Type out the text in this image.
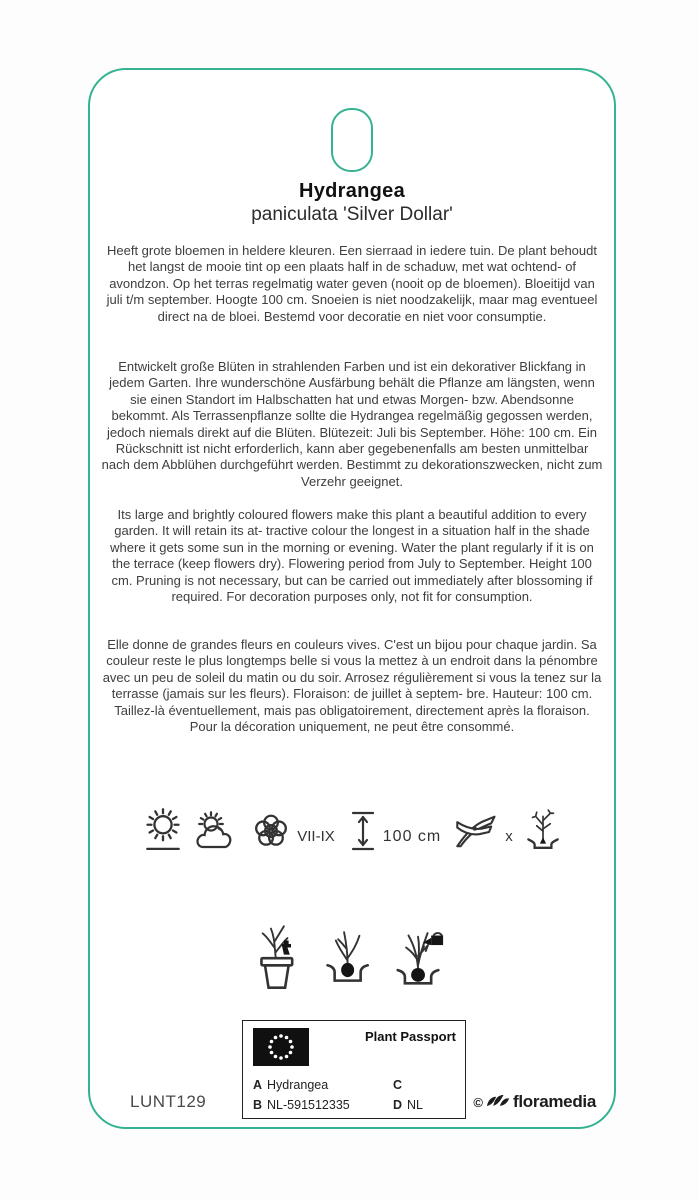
Hydrangea
paniculata 'Silver Dollar'

Heeft grote bloemen in heldere kleuren. Een sierraad in iedere tuin. De plant behoudt het langst de mooie tint op een plaats half in de schaduw, met wat ochtend- of avondzon. Op het terras regelmatig water geven (nooit op de bloemen). Bloeitijd van juli t/m september. Hoogte 100 cm. Snoeien is niet noodzakelijk, maar mag eventueel direct na de bloei. Bestemd voor decoratie en niet voor consumptie.

Entwickelt große Blüten in strahlenden Farben und ist ein dekorativer Blickfang in jedem Garten. Ihre wunderschöne Ausfärbung behält die Pflanze am längsten, wenn sie einen Standort im Halbschatten hat und etwas Morgen- bzw. Abendsonne bekommt. Als Terrassenpflanze sollte die Hydrangea regelmäßig gegossen werden, jedoch niemals direkt auf die Blüten. Blütezeit: Juli bis September. Höhe: 100 cm. Ein Rückschnitt ist nicht erforderlich, kann aber gegebenenfalls am besten unmittelbar nach dem Abblühen durchgeführt werden. Bestimmt zu dekorationszwecken, nicht zum Verzehr geeignet.

Its large and brightly coloured flowers make this plant a beautiful addition to every garden. It will retain its at- tractive colour the longest in a situation half in the shade where it gets some sun in the morning or evening. Water the plant regularly if it is on the terrace (keep flowers dry). Flowering period from July to September. Height 100 cm. Pruning is not necessary, but can be carried out immediately after blossoming if required. For decoration purposes only, not fit for consumption.

Elle donne de grandes fleurs en couleurs vives. C'est un bijou pour chaque jardin. Sa couleur reste le plus longtemps belle si vous la mettez à un endroit dans la pénombre avec un peu de soleil du matin ou du soir. Arrosez régulièrement si vous la tenez sur la terrasse (jamais sur les fleurs). Floraison: de juillet à septem- bre. Hauteur: 100 cm. Taillez-là éventuellement, mais pas obligatoirement, directement après la floraison. Pour la décoration uniquement, ne peut être consommé.

VII-IX	100 cm	x
Plant Passport
A Hydrangea
B NL-591512335
C
D NL
LUNT129	© floramedia
